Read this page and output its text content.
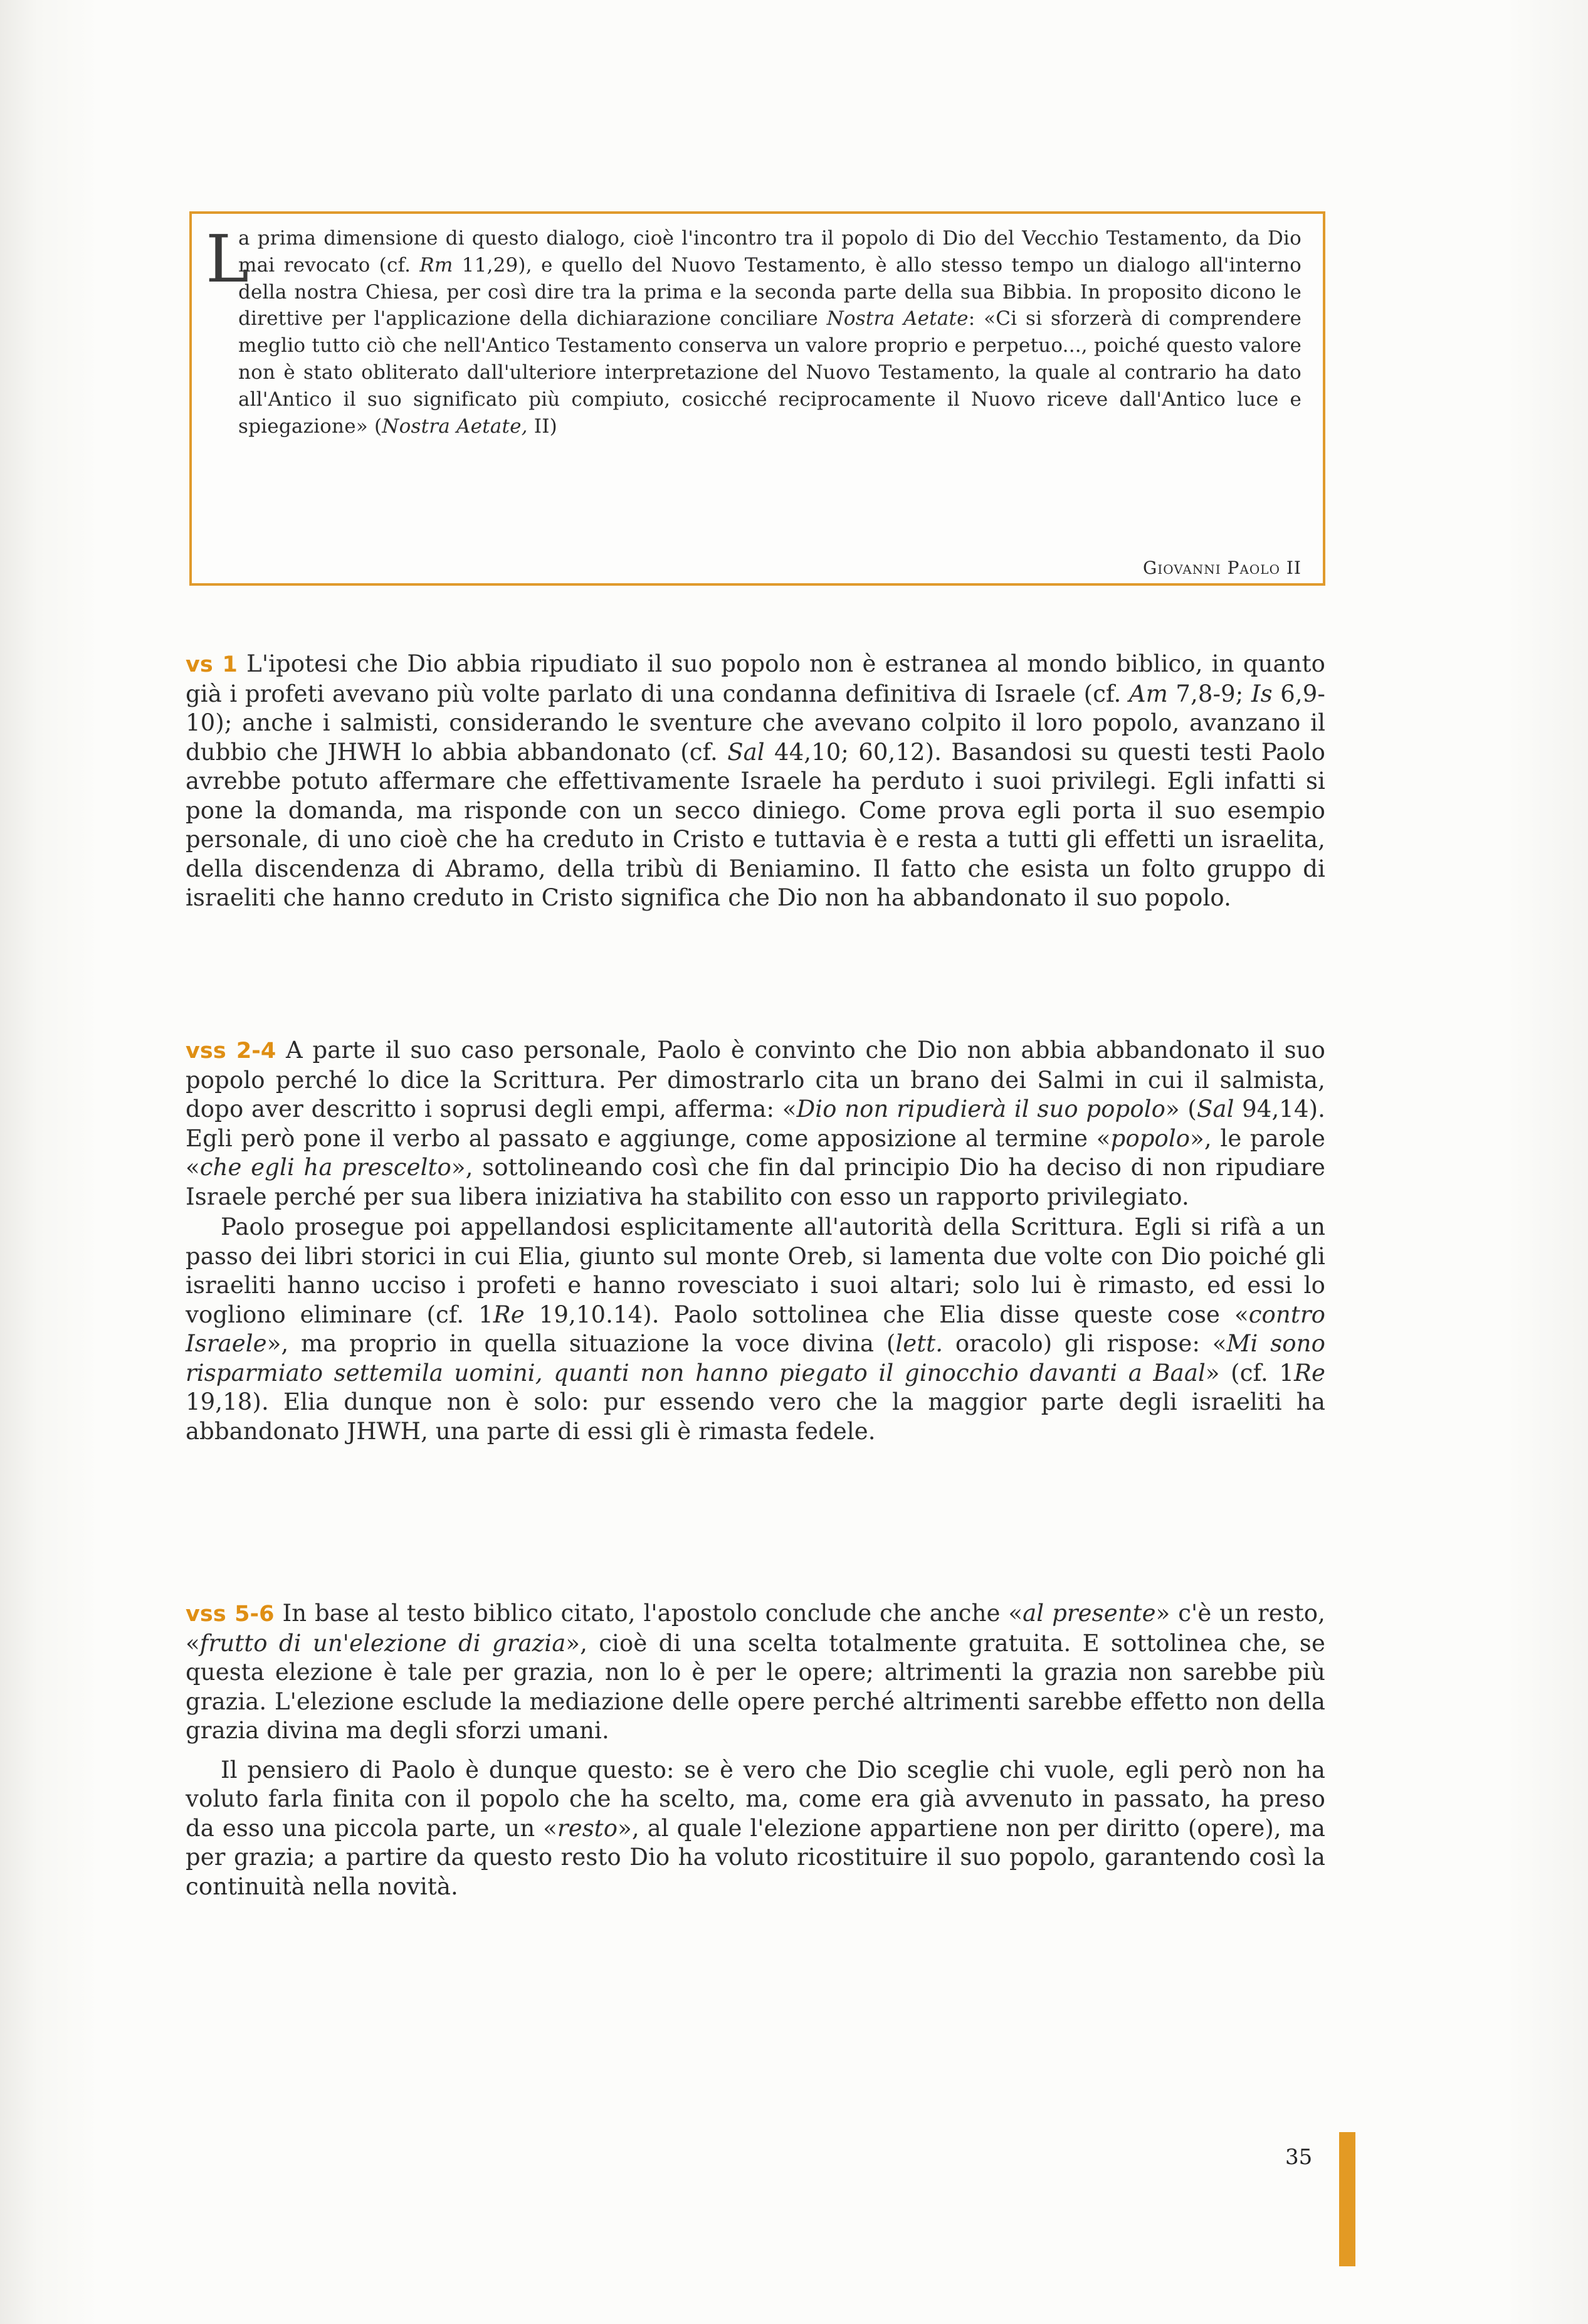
L
a prima dimensione di questo dialogo, cioè l'incontro tra il popolo di Dio del Vecchio Testamento, da Dio mai revocato (cf. Rm 11,29), e quello del Nuovo Testamento, è allo stesso tempo un dialogo all'interno della nostra Chiesa, per così dire tra la prima e la seconda parte della sua Bibbia. In proposito dicono le direttive per l'applicazione della dichiarazione conciliare Nostra Aetate: «Ci si sforzerà di comprendere meglio tutto ciò che nell'Antico Testamento conserva un valore proprio e perpetuo..., poiché questo valore non è stato obliterato dall'ulteriore interpretazione del Nuovo Testamento, la quale al contrario ha dato all'Antico il suo significato più compiuto, cosicché reciprocamente il Nuovo riceve dall'Antico luce e spiegazione» (Nostra Aetate, II)
Giovanni Paolo II

vs 1 L'ipotesi che Dio abbia ripudiato il suo popolo non è estranea al mondo biblico, in quanto già i profeti avevano più volte parlato di una condanna definitiva di Israele (cf. Am 7,8-9; Is 6,9-10); anche i salmisti, considerando le sventure che avevano colpito il loro popolo, avanzano il dubbio che JHWH lo abbia abbandonato (cf. Sal 44,10; 60,12). Basandosi su questi testi Paolo avrebbe potuto affermare che effettivamente Israele ha perduto i suoi privilegi. Egli infatti si pone la domanda, ma risponde con un secco diniego. Come prova egli porta il suo esempio personale, di uno cioè che ha creduto in Cristo e tuttavia è e resta a tutti gli effetti un israelita, della discendenza di Abramo, della tribù di Beniamino. Il fatto che esista un folto gruppo di israeliti che hanno creduto in Cristo significa che Dio non ha abbandonato il suo popolo.

vss 2-4 A parte il suo caso personale, Paolo è convinto che Dio non abbia abbandonato il suo popolo perché lo dice la Scrittura. Per dimostrarlo cita un brano dei Salmi in cui il salmista, dopo aver descritto i soprusi degli empi, afferma: «Dio non ripudierà il suo popolo» (Sal 94,14). Egli però pone il verbo al passato e aggiunge, come apposizione al termine «popolo», le parole «che egli ha prescelto», sottolineando così che fin dal principio Dio ha deciso di non ripudiare Israele perché per sua libera iniziativa ha stabilito con esso un rapporto privilegiato.

Paolo prosegue poi appellandosi esplicitamente all'autorità della Scrittura. Egli si rifà a un passo dei libri storici in cui Elia, giunto sul monte Oreb, si lamenta due volte con Dio poiché gli israeliti hanno ucciso i profeti e hanno rovesciato i suoi altari; solo lui è rimasto, ed essi lo vogliono eliminare (cf. 1Re 19,10.14). Paolo sottolinea che Elia disse queste cose «contro Israele», ma proprio in quella situazione la voce divina (lett. oracolo) gli rispose: «Mi sono risparmiato settemila uomini, quanti non hanno piegato il ginocchio davanti a Baal» (cf. 1Re 19,18). Elia dunque non è solo: pur essendo vero che la maggior parte degli israeliti ha abbandonato JHWH, una parte di essi gli è rimasta fedele.

vss 5-6 In base al testo biblico citato, l'apostolo conclude che anche «al presente» c'è un resto, «frutto di un'elezione di grazia», cioè di una scelta totalmente gratuita. E sottolinea che, se questa elezione è tale per grazia, non lo è per le opere; altrimenti la grazia non sarebbe più grazia. L'elezione esclude la mediazione delle opere perché altrimenti sarebbe effetto non della grazia divina ma degli sforzi umani.

Il pensiero di Paolo è dunque questo: se è vero che Dio sceglie chi vuole, egli però non ha voluto farla finita con il popolo che ha scelto, ma, come era già avvenuto in passato, ha preso da esso una piccola parte, un «resto», al quale l'elezione appartiene non per diritto (opere), ma per grazia; a partire da questo resto Dio ha voluto ricostituire il suo popolo, garantendo così la continuità nella novità.

35
